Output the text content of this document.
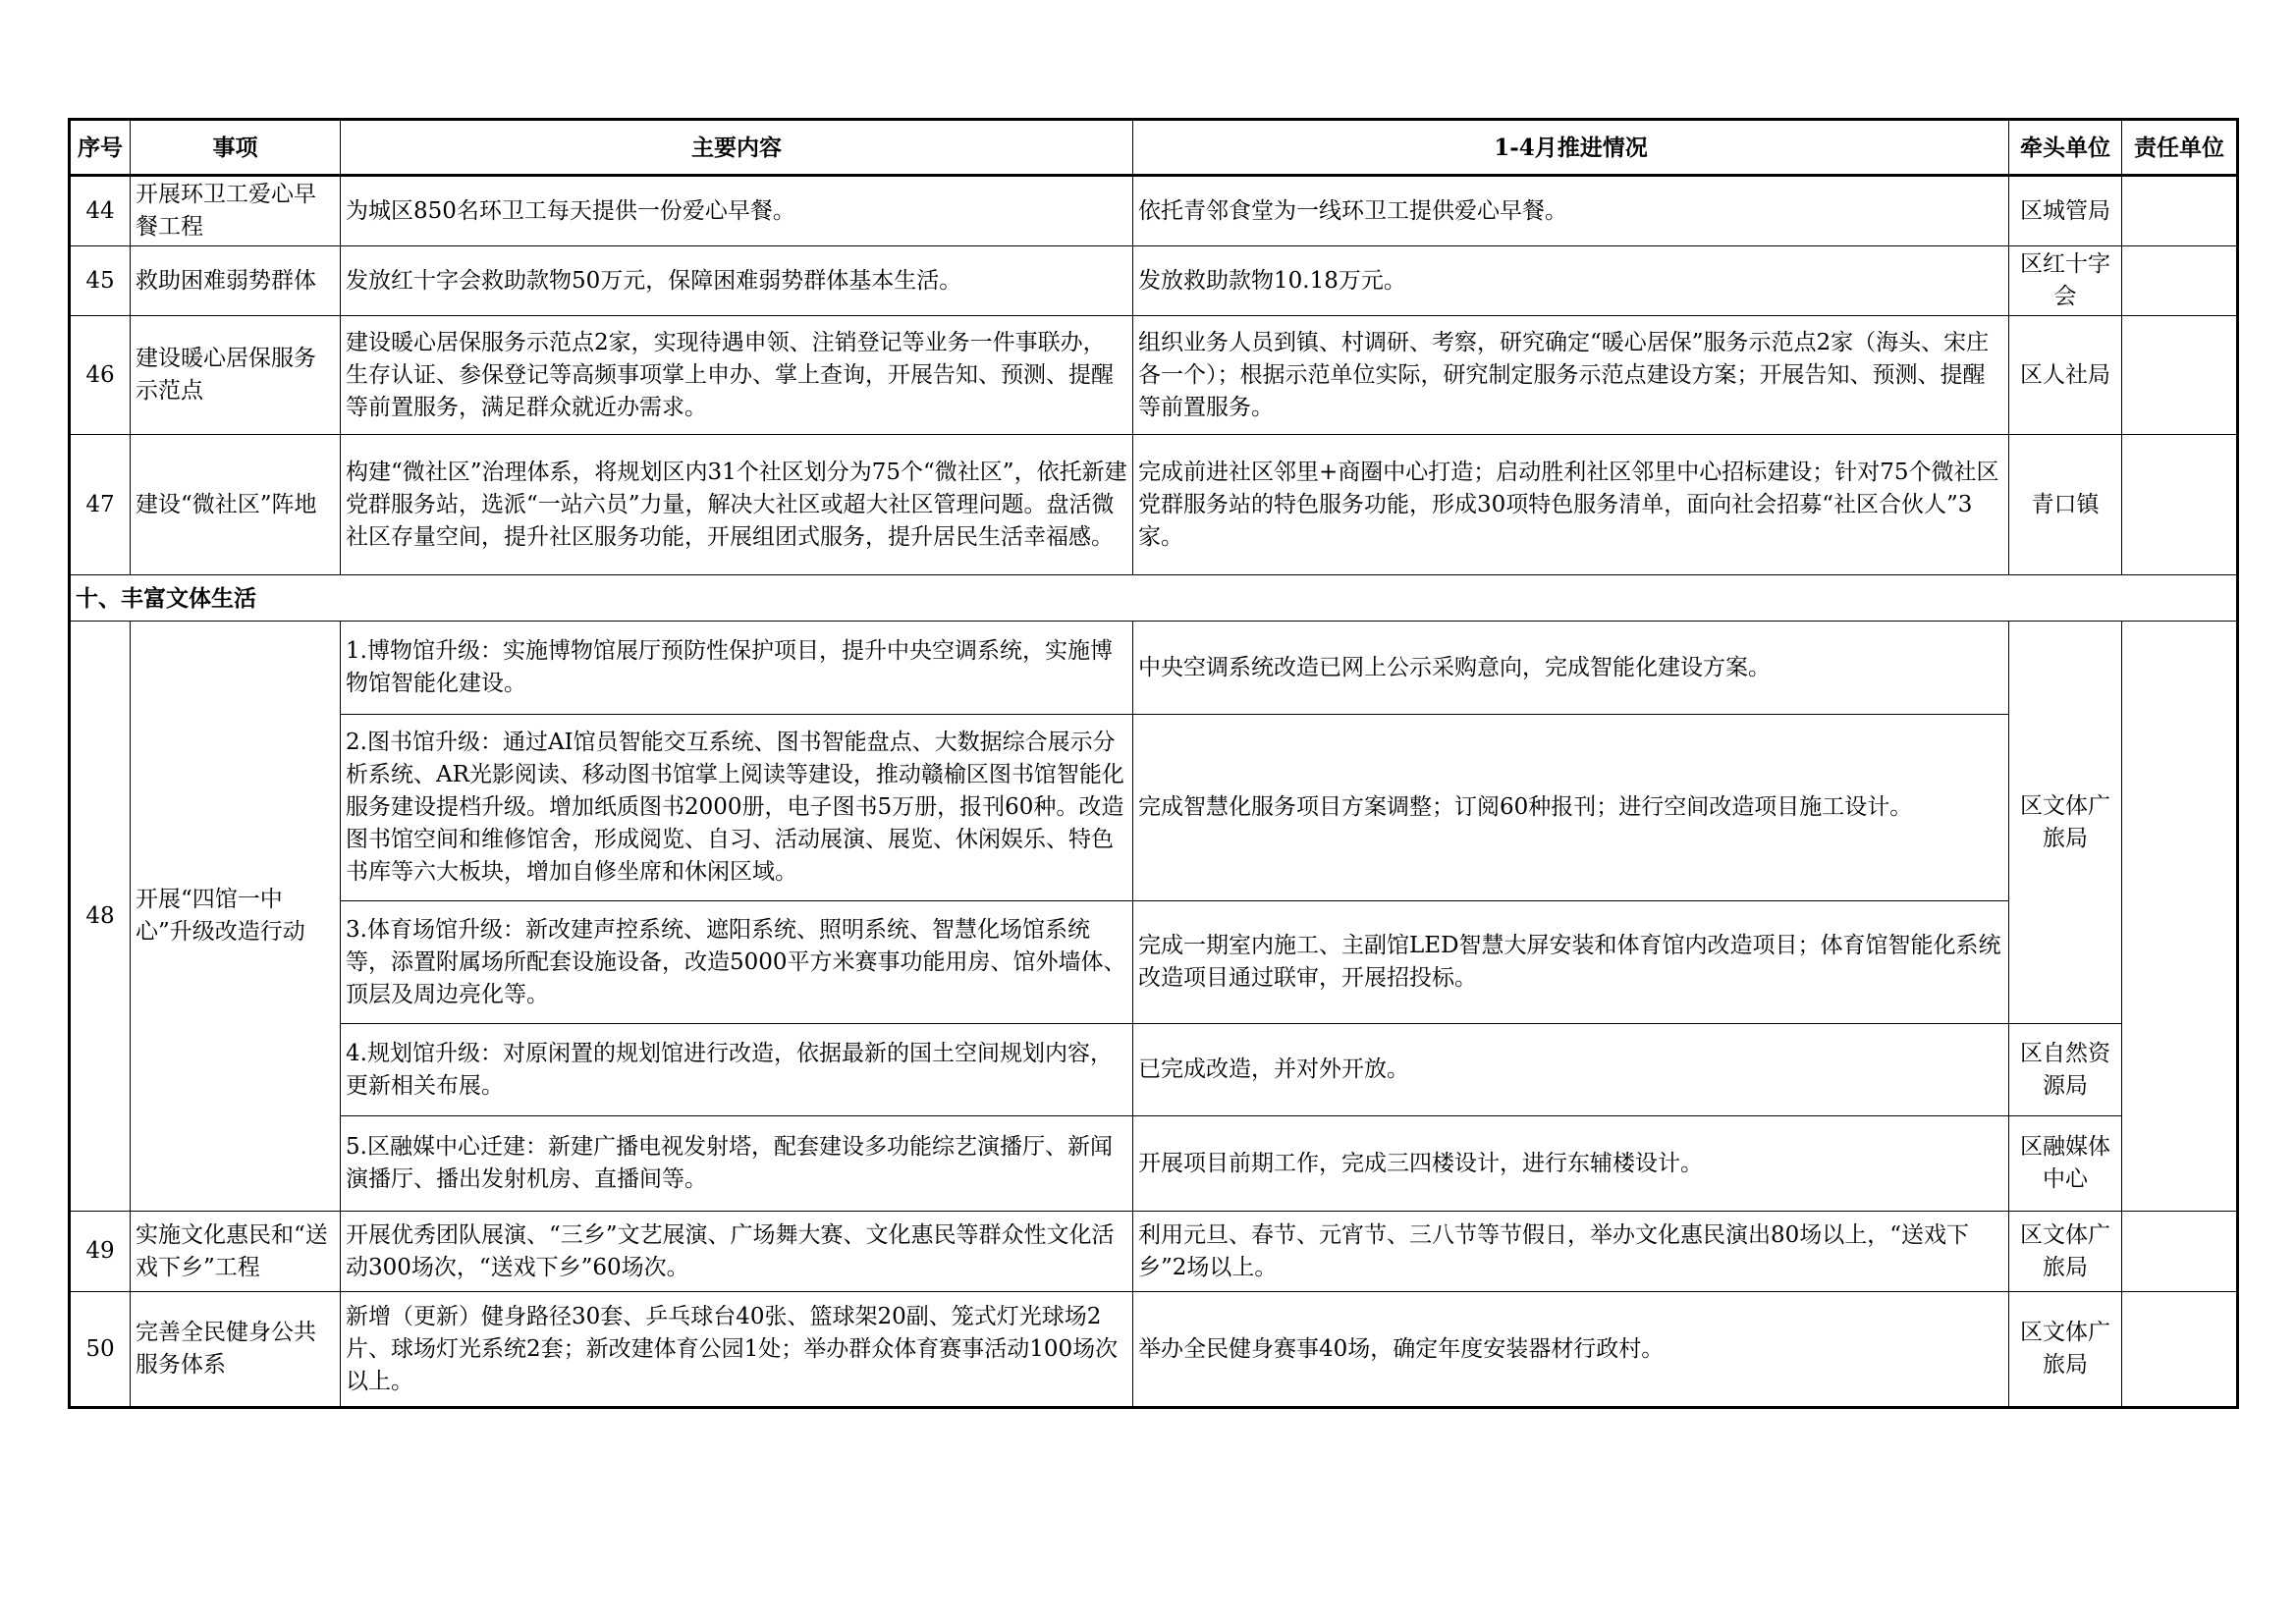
序号	事项	主要内容	1-4月推进情况	牵头单位	责任单位
44	开展环卫工爱心早餐工程	为城区850名环卫工每天提供一份爱心早餐。	依托青邻食堂为一线环卫工提供爱心早餐。	区城管局	
45	救助困难弱势群体	发放红十字会救助款物50万元，保障困难弱势群体基本生活。	发放救助款物10.18万元。	区红十字会	
46	建设暖心居保服务示范点	建设暖心居保服务示范点2家，实现待遇申领、注销登记等业务一件事联办，生存认证、参保登记等高频事项掌上申办、掌上查询，开展告知、预测、提醒等前置服务，满足群众就近办需求。	组织业务人员到镇、村调研、考察，研究确定“暖心居保”服务示范点2家（海头、宋庄各一个）；根据示范单位实际，研究制定服务示范点建设方案；开展告知、预测、提醒等前置服务。	区人社局	
47	建设“微社区”阵地	构建“微社区”治理体系，将规划区内31个社区划分为75个“微社区”，依托新建党群服务站，选派“一站六员”力量，解决大社区或超大社区管理问题。盘活微社区存量空间，提升社区服务功能，开展组团式服务，提升居民生活幸福感。	完成前进社区邻里+商圈中心打造；启动胜利社区邻里中心招标建设；针对75个微社区党群服务站的特色服务功能，形成30项特色服务清单，面向社会招募“社区合伙人”3家。	青口镇	
十、丰富文体生活					
48	开展“四馆一中心”升级改造行动	1.博物馆升级：实施博物馆展厅预防性保护项目，提升中央空调系统，实施博物馆智能化建设。	中央空调系统改造已网上公示采购意向，完成智能化建设方案。	区文体广旅局	
		2.图书馆升级：通过AI馆员智能交互系统、图书智能盘点、大数据综合展示分析系统、AR光影阅读、移动图书馆掌上阅读等建设，推动赣榆区图书馆智能化服务建设提档升级。增加纸质图书2000册，电子图书5万册，报刊60种。改造图书馆空间和维修馆舍，形成阅览、自习、活动展演、展览、休闲娱乐、特色书库等六大板块，增加自修坐席和休闲区域。	完成智慧化服务项目方案调整；订阅60种报刊；进行空间改造项目施工设计。		
		3.体育场馆升级：新改建声控系统、遮阳系统、照明系统、智慧化场馆系统等，添置附属场所配套设施设备，改造5000平方米赛事功能用房、馆外墙体、顶层及周边亮化等。	完成一期室内施工、主副馆LED智慧大屏安装和体育馆内改造项目；体育馆智能化系统改造项目通过联审，开展招投标。		
		4.规划馆升级：对原闲置的规划馆进行改造，依据最新的国土空间规划内容，更新相关布展。	已完成改造，并对外开放。	区自然资源局	
		5.区融媒中心迁建：新建广播电视发射塔，配套建设多功能综艺演播厅、新闻演播厅、播出发射机房、直播间等。	开展项目前期工作，完成三四楼设计，进行东辅楼设计。	区融媒体中心	
49	实施文化惠民和“送戏下乡”工程	开展优秀团队展演、“三乡”文艺展演、广场舞大赛、文化惠民等群众性文化活动300场次，“送戏下乡”60场次。	利用元旦、春节、元宵节、三八节等节假日，举办文化惠民演出80场以上，“送戏下乡”2场以上。	区文体广旅局	
50	完善全民健身公共服务体系	新增（更新）健身路径30套、乒乓球台40张、篮球架20副、笼式灯光球场2片、球场灯光系统2套；新改建体育公园1处；举办群众体育赛事活动100场次以上。	举办全民健身赛事40场，确定年度安装器材行政村。	区文体广旅局	
